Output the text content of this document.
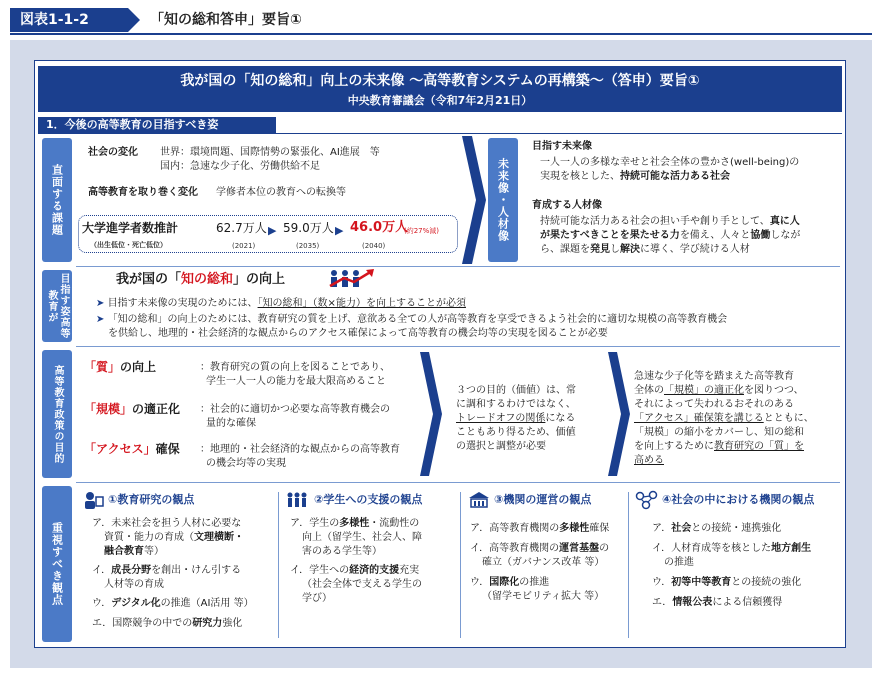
図表1-1-2	「知の総和答申」要旨①
我が国の「知の総和」向上の未来像 〜高等教育システムの再構築〜（答申）要旨①
中央教育審議会（令和7年2月21日）
1．今後の高等教育の目指すべき姿
直面する課題
社会の変化 世界：環境問題、国際情勢の緊張化、AI進展　等
国内：急速な少子化、労働供給不足
高等教育を取り巻く変化 学修者本位の教育への転換等
大学進学者数推計
（出生低位・死亡低位）
62.7万人
(2021)
▶ 59.0万人
(2035)
▶ 46.0万人
(約27%減)
(2040)
未来像・人材像
目指す未来像
一人一人の多様な幸せと社会全体の豊かさ(well-being)の
実現を核とした、持続可能な活力ある社会
育成する人材像
持続可能な活力ある社会の担い手や創り手として、真に人
が果たすべきことを果たせる力を備え、人々と協働しなが
ら、課題を発見し解決に導く、学び続ける人材
目指す姿高等教育が
我が国の「知の総和」の向上
➤ 目指す未来像の実現のためには、「知の総和」（数×能力）を向上することが必須
➤ 「知の総和」の向上のためには、教育研究の質を上げ、意欲ある全ての人が高等教育を享受できるよう社会的に適切な規模の高等教育機会
を供給し、地理的・社会経済的な観点からのアクセス確保によって高等教育の機会均等の実現を図ることが必要
高等教育政策の目的 「質」の向上	：教育研究の質の向上を図ることであり、
学生一人一人の能力を最大限高めること
「規模」の適正化 ：社会的に適切かつ必要な高等教育機会の
量的な確保
「アクセス」確保 ：地理的・社会経済的な観点からの高等教育
の機会均等の実現
３つの目的（価値）は、常
に調和するわけではなく、
トレードオフの関係になる
こともあり得るため、価値
の選択と調整が必要
急速な少子化等を踏まえた高等教育
全体の「規模」の適正化を図りつつ、
それによって失われるおそれのある
「アクセス」確保策を講じるとともに、
「規模」の縮小をカバーし、知の総和
を向上するために教育研究の「質」を
高める
重視すべき観点
①教育研究の観点
ア．未来社会を担う人材に必要な
資質・能力の育成（文理横断・
融合教育等）
イ．成長分野を創出・けん引する
人材等の育成
ウ．デジタル化の推進（AI活用 等）
エ．国際競争の中での研究力強化
②学生への支援の観点
ア．学生の多様性・流動性の
向上（留学生、社会人、障
害のある学生等）
イ．学生への経済的支援充実
（社会全体で支える学生の
学び）
③機関の運営の観点
ア．高等教育機関の多様性確保
イ．高等教育機関の運営基盤の
確立（ガバナンス改革 等）
ウ．国際化の推進
（留学モビリティ拡大 等）
④社会の中における機関の観点
ア．社会との接続・連携強化
イ．人材育成等を核とした地方創生
の推進
ウ．初等中等教育との接続の強化
エ．情報公表による信頼獲得
